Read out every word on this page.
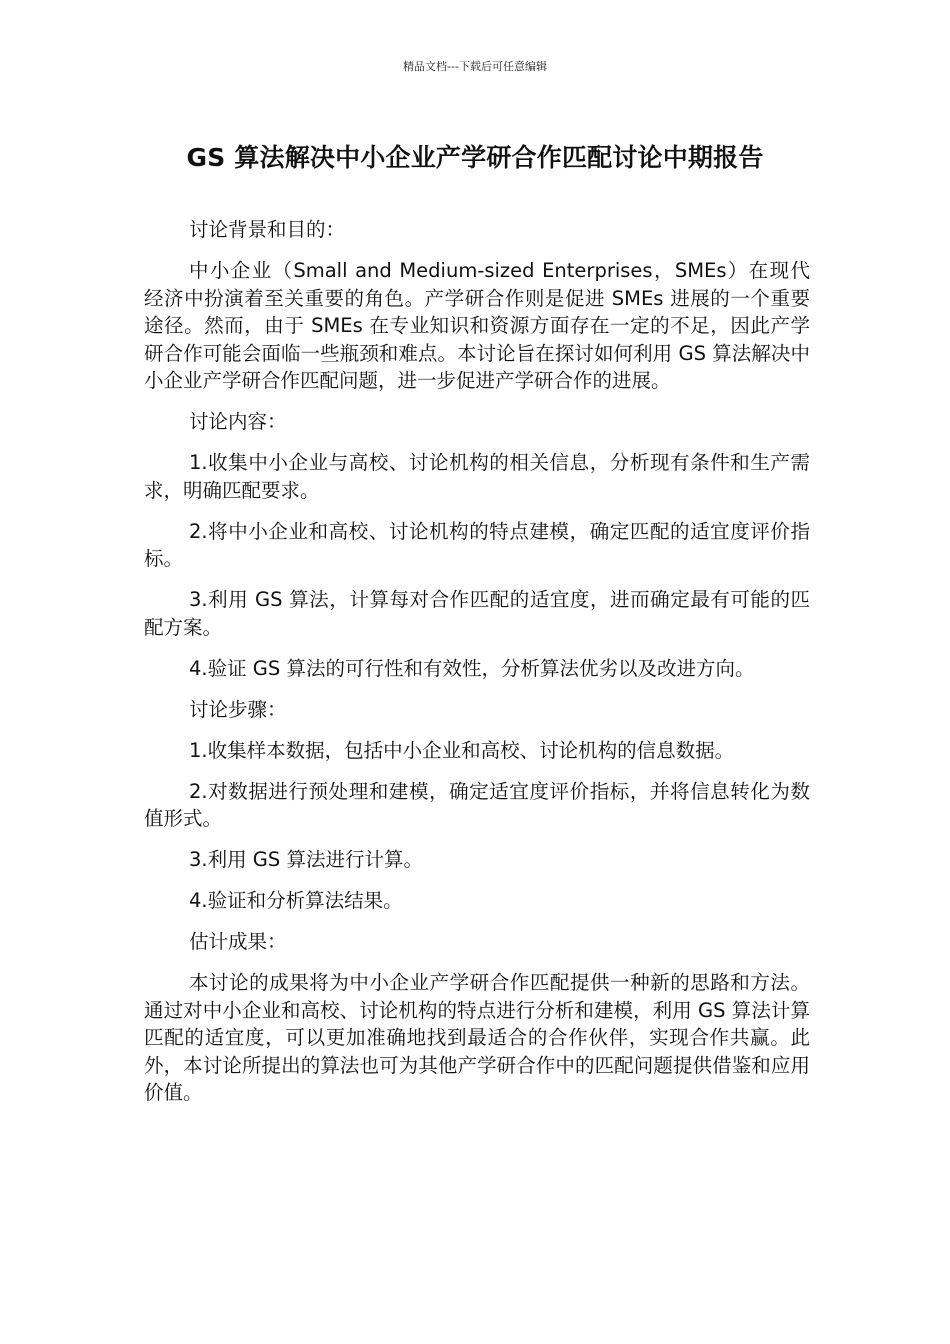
精品文档---下载后可任意编辑
GS 算法解决中小企业产学研合作匹配讨论中期报告

讨论背景和目的：

中小企业（Small and Medium-sized Enterprises，SMEs）在现代经济中扮演着至关重要的角色。产学研合作则是促进 SMEs 进展的一个重要途径。然而，由于 SMEs 在专业知识和资源方面存在一定的不足，因此产学研合作可能会面临一些瓶颈和难点。本讨论旨在探讨如何利用 GS 算法解决中小企业产学研合作匹配问题，进一步促进产学研合作的进展。

讨论内容：

1.收集中小企业与高校、讨论机构的相关信息，分析现有条件和生产需求，明确匹配要求。

2.将中小企业和高校、讨论机构的特点建模，确定匹配的适宜度评价指标。

3.利用 GS 算法，计算每对合作匹配的适宜度，进而确定最有可能的匹配方案。

4.验证 GS 算法的可行性和有效性，分析算法优劣以及改进方向。

讨论步骤：

1.收集样本数据，包括中小企业和高校、讨论机构的信息数据。

2.对数据进行预处理和建模，确定适宜度评价指标，并将信息转化为数值形式。

3.利用 GS 算法进行计算。

4.验证和分析算法结果。

估计成果：

本讨论的成果将为中小企业产学研合作匹配提供一种新的思路和方法。通过对中小企业和高校、讨论机构的特点进行分析和建模，利用 GS 算法计算匹配的适宜度，可以更加准确地找到最适合的合作伙伴，实现合作共赢。此外，本讨论所提出的算法也可为其他产学研合作中的匹配问题提供借鉴和应用价值。
